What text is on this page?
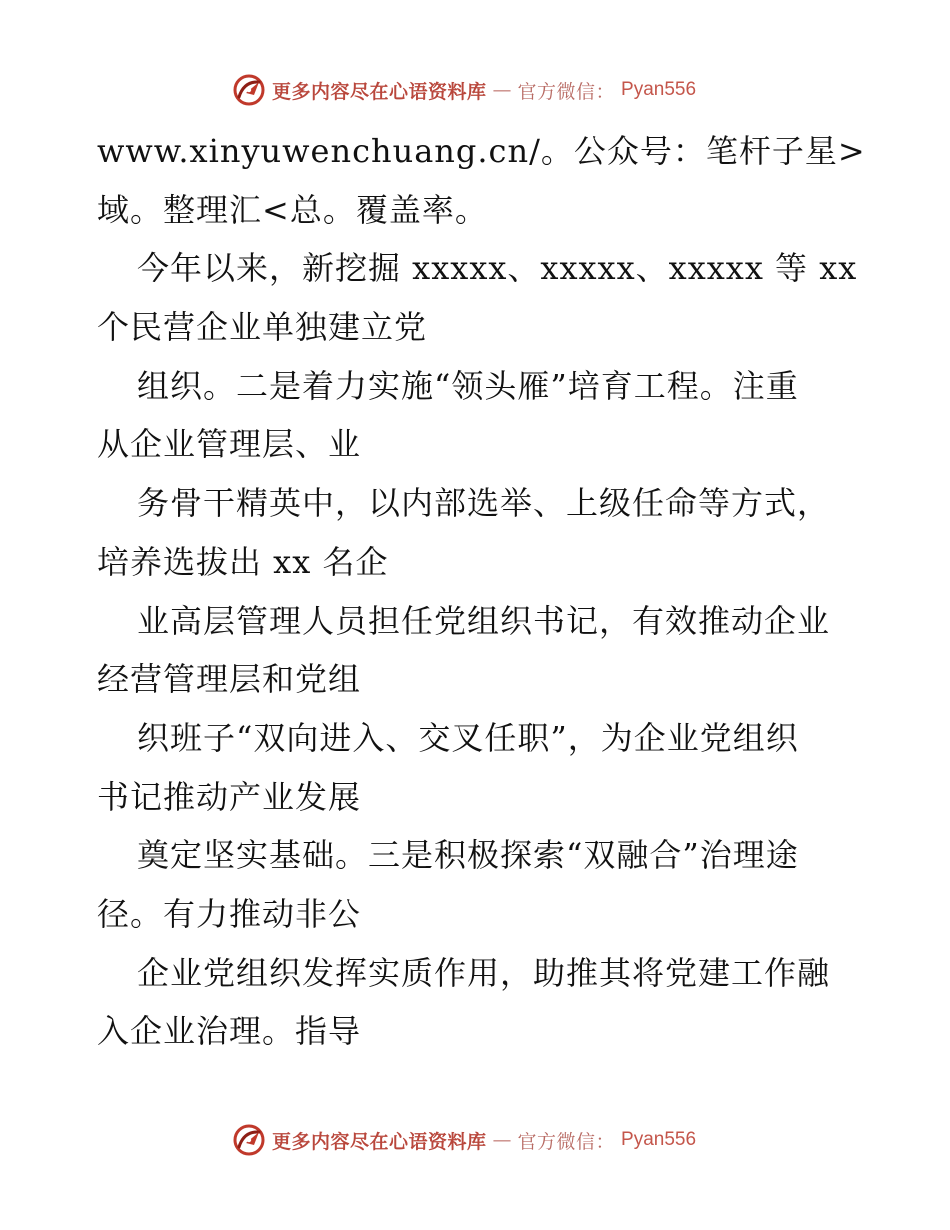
更多内容尽在心语资料库 — 官方微信： Pyan556
www.xinyuwenchuang.cn/。公众号：笔杆子星>
域。整理汇<总。覆盖率。
今年以来，新挖掘 xxxxx、xxxxx、xxxxx 等 xx
个民营企业单独建立党
组织。二是着力实施“领头雁”培育工程。注重
从企业管理层、业
务骨干精英中，以内部选举、上级任命等方式，
培养选拔出 xx 名企
业高层管理人员担任党组织书记，有效推动企业
经营管理层和党组
织班子“双向进入、交叉任职”，为企业党组织
书记推动产业发展
奠定坚实基础。三是积极探索“双融合”治理途
径。有力推动非公
企业党组织发挥实质作用，助推其将党建工作融
入企业治理。指导
更多内容尽在心语资料库 — 官方微信： Pyan556
